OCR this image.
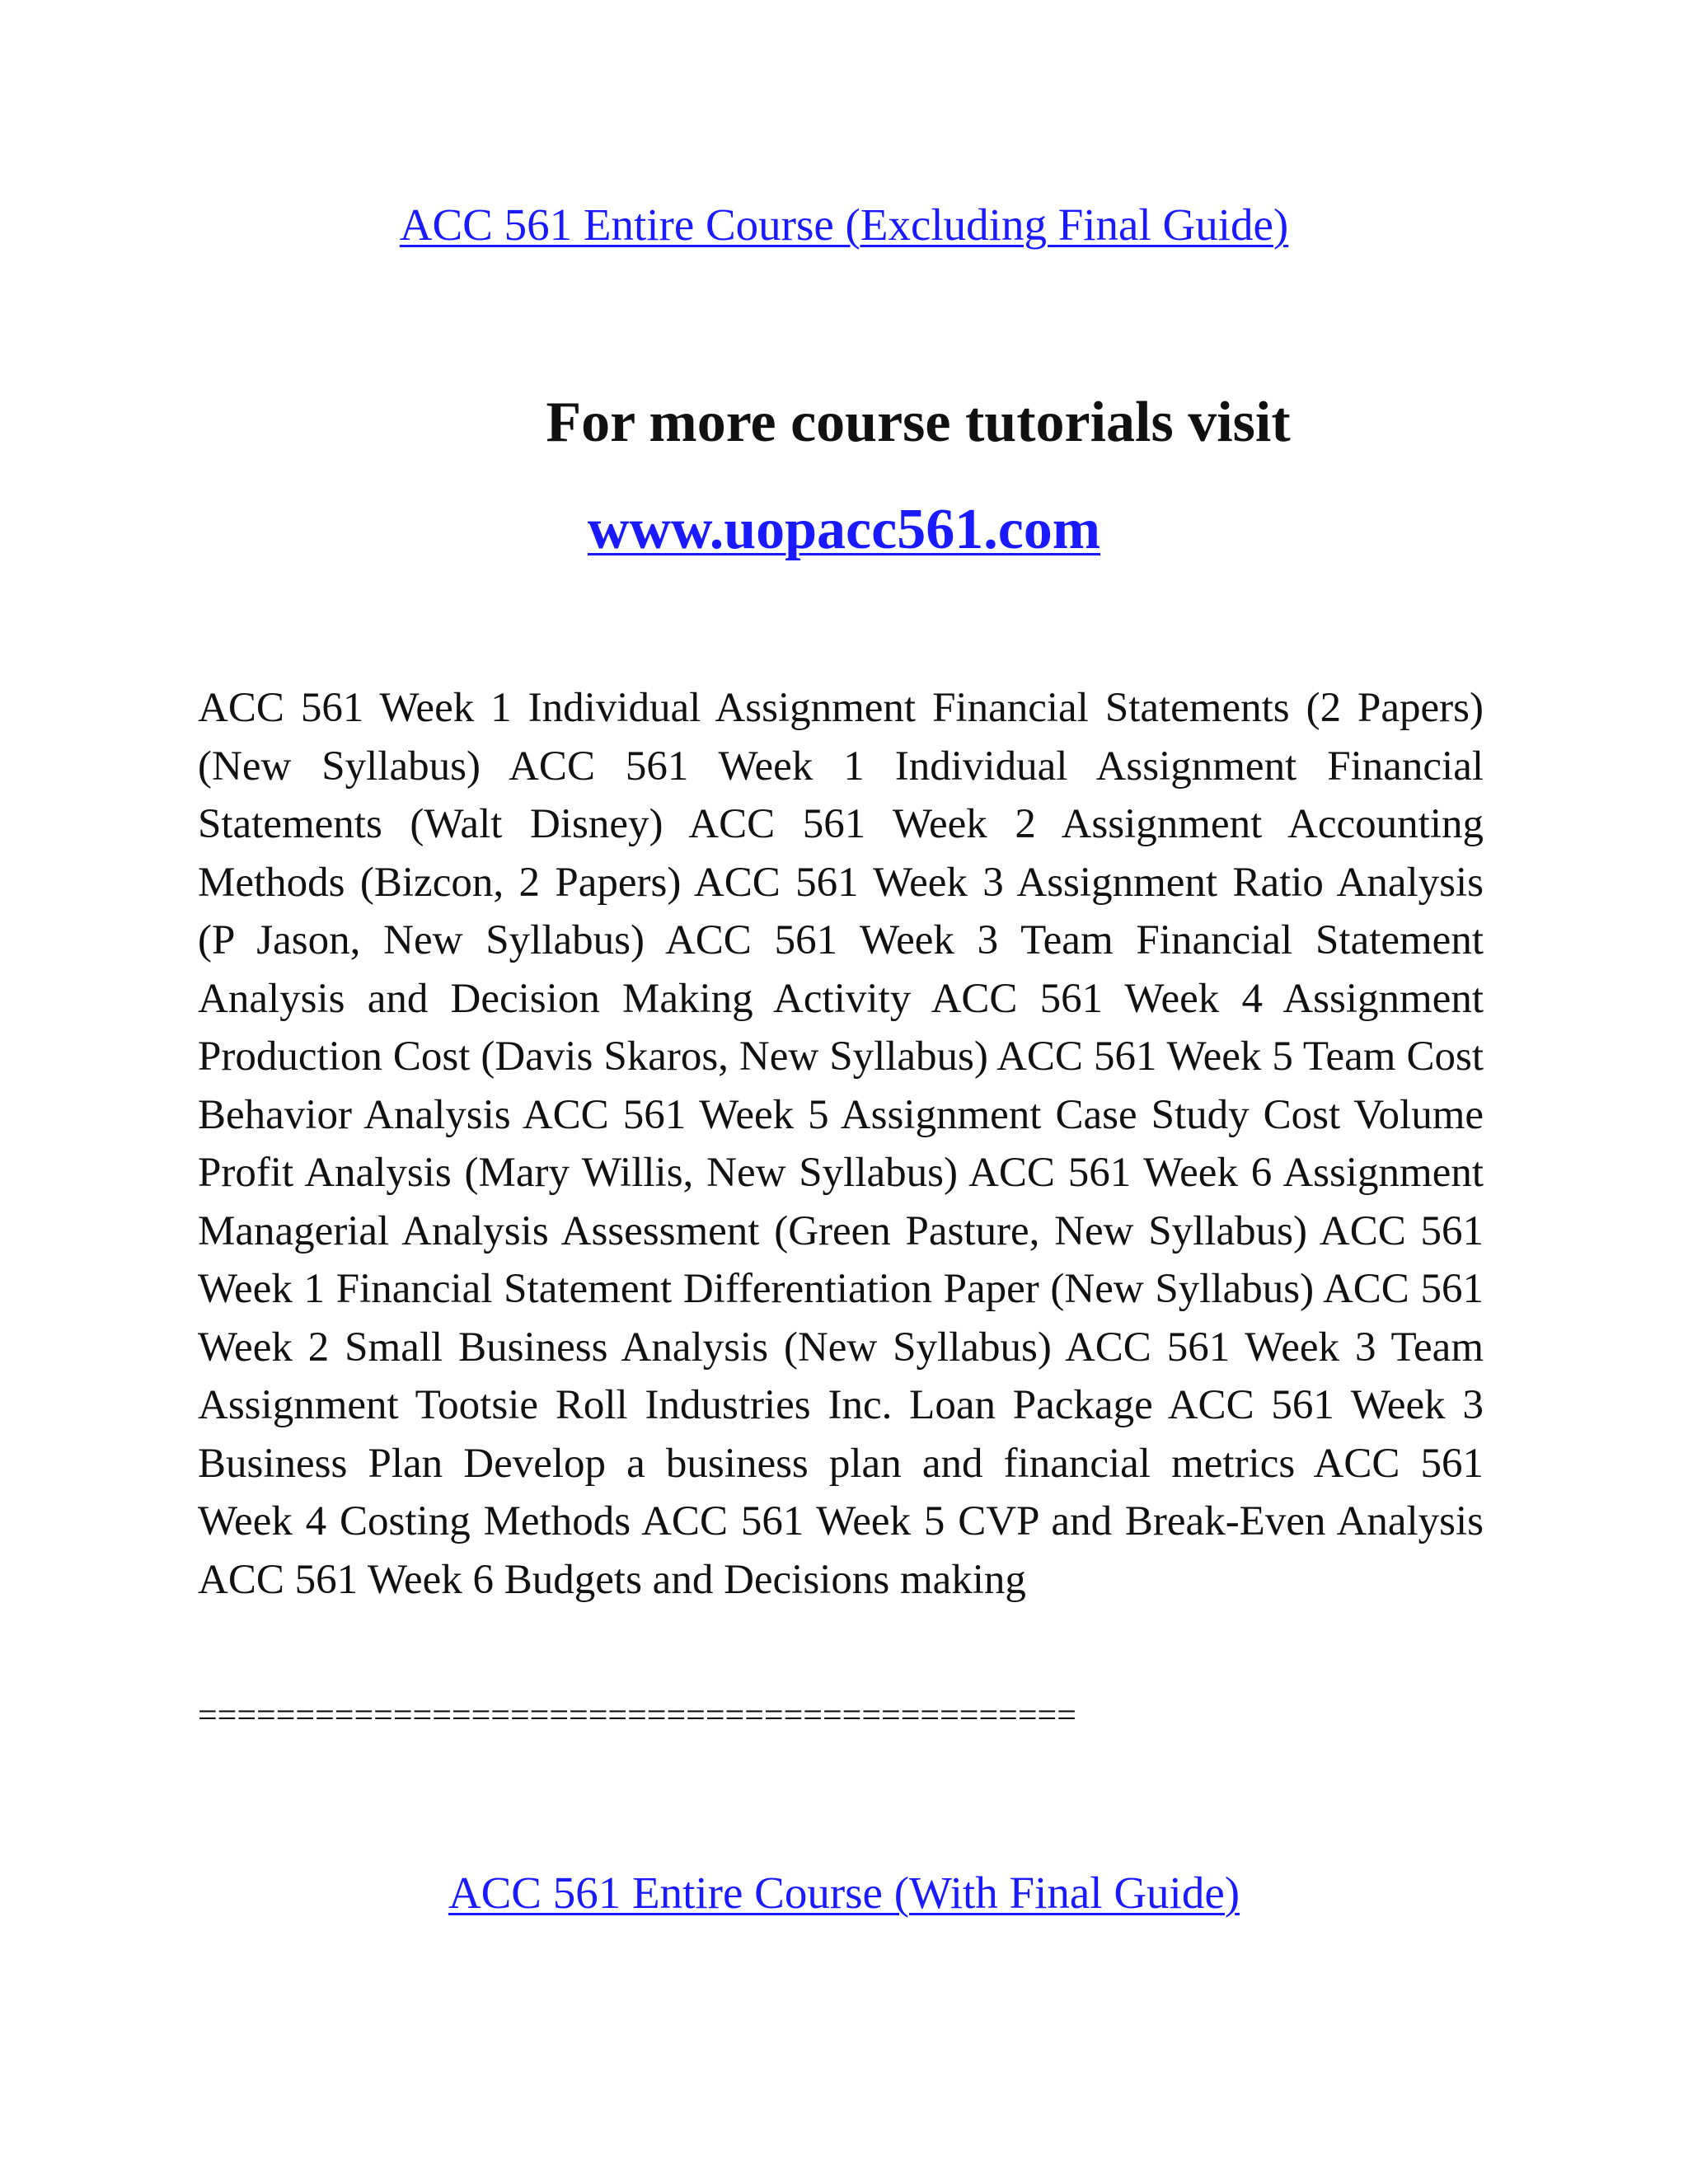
ACC 561 Entire Course (Excluding Final Guide)
For more course tutorials visit
www.uopacc561.com
ACC 561 Week 1 Individual Assignment Financial Statements (2 Papers) (New Syllabus) ACC 561 Week 1 Individual Assignment Financial Statements (Walt Disney) ACC 561 Week 2 Assignment Accounting Methods (Bizcon, 2 Papers) ACC 561 Week 3 Assignment Ratio Analysis (P Jason, New Syllabus) ACC 561 Week 3 Team Financial Statement Analysis and Decision Making Activity ACC 561 Week 4 Assignment Production Cost (Davis Skaros, New Syllabus) ACC 561 Week 5 Team Cost Behavior Analysis ACC 561 Week 5 Assignment Case Study Cost Volume Profit Analysis (Mary Willis, New Syllabus) ACC 561 Week 6 Assignment Managerial Analysis Assessment (Green Pasture, New Syllabus) ACC 561 Week 1 Financial Statement Differentiation Paper (New Syllabus) ACC 561 Week 2 Small Business Analysis (New Syllabus) ACC 561 Week 3 Team Assignment Tootsie Roll Industries Inc. Loan Package ACC 561 Week 3 Business Plan Develop a business plan and financial metrics ACC 561 Week 4 Costing Methods ACC 561 Week 5 CVP and Break-Even Analysis ACC 561 Week 6 Budgets and Decisions making
=============================================
ACC 561 Entire Course (With Final Guide)
